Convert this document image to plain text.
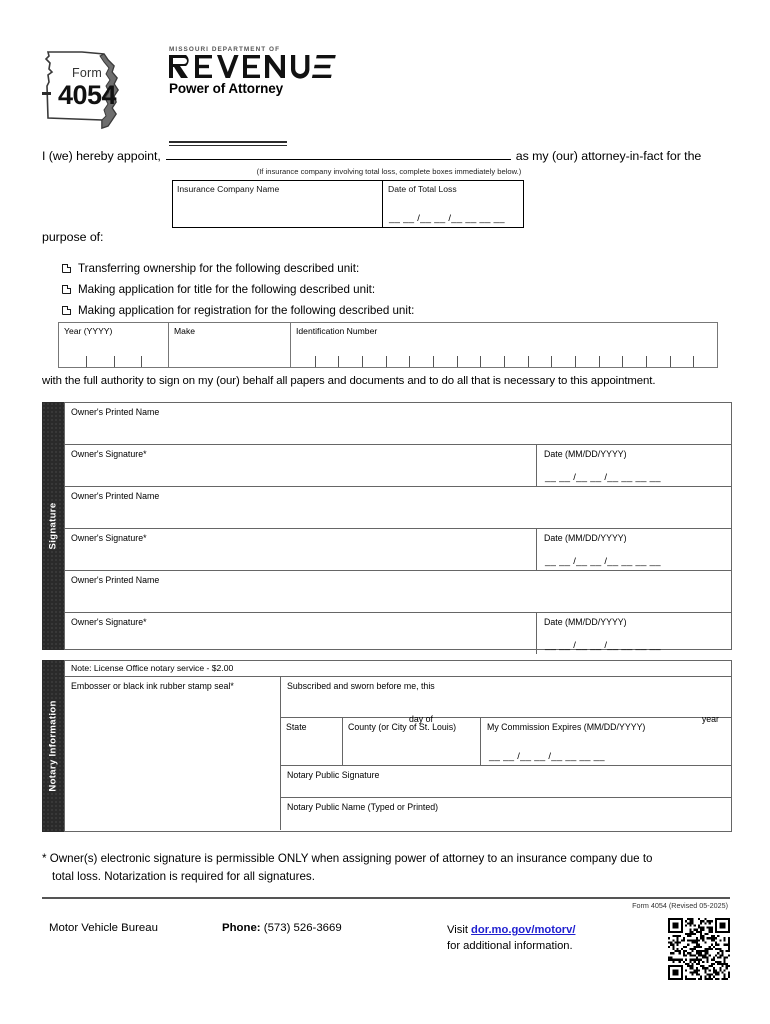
Form
4054
MISSOURI DEPARTMENT OF
Power of Attorney
I (we) hereby appoint,	as my (our) attorney-in-fact for the
(If insurance company involving total loss, complete boxes immediately below.)
Insurance Company Name	Date of Total Loss
__ __ /__ __ /__ __ __ __
purpose of:
Transferring ownership for the following described unit:
Making application for title for the following described unit:
Making application for registration for the following described unit:
Year (YYYY)	Make	Identification Number
with the full authority to sign on my (our) behalf all papers and documents and to do all that is necessary to this appointment.
Signature
Owner's Printed Name
Owner's Signature*	Date (MM/DD/YYYY)
__ __ /__ __ /__ __ __ __
Owner's Printed Name
Owner's Signature*	Date (MM/DD/YYYY)
__ __ /__ __ /__ __ __ __
Owner's Printed Name
Owner's Signature*	Date (MM/DD/YYYY)
__ __ /__ __ /__ __ __ __
Notary Information
Note: License Office notary service - $2.00
Embosser or black ink rubber stamp seal*	Subscribed and sworn before me, this
day of	year
State	County (or City of St. Louis)	My Commission Expires (MM/DD/YYYY)
__ __ /__ __ /__ __ __ __
Notary Public Signature
Notary Public Name (Typed or Printed)
* Owner(s) electronic signature is permissible ONLY when assigning power of attorney to an insurance company due to
total loss. Notarization is required for all signatures.
Form 4054 (Revised 05-2025)
Motor Vehicle Bureau	Phone: (573) 526-3669	Visit dor.mo.gov/motorv/
for additional information.
